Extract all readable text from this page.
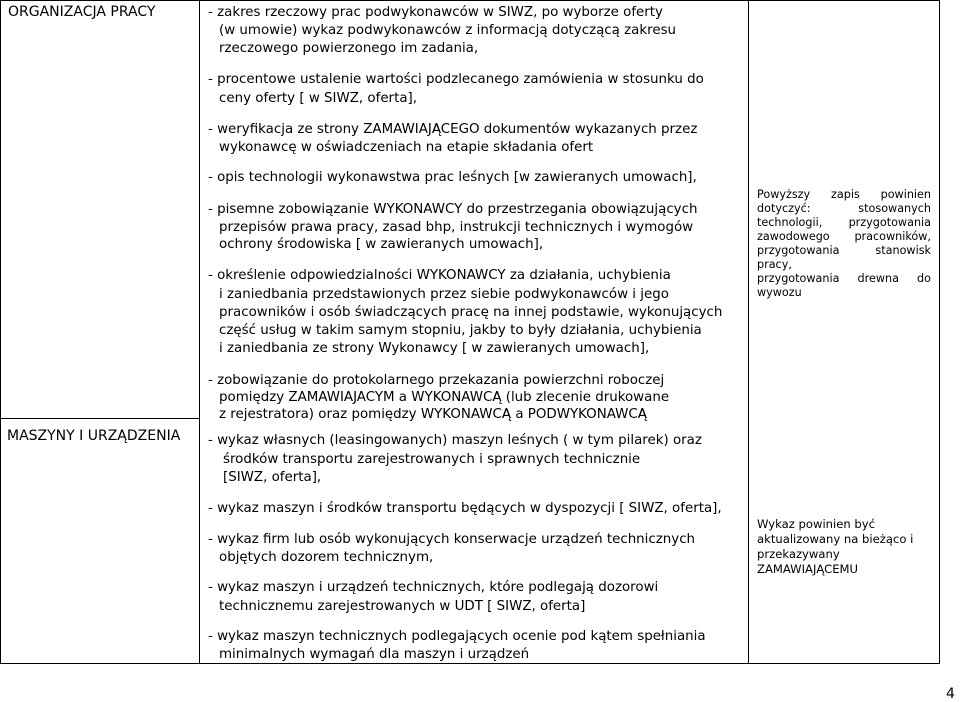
ORGANIZACJA PRACY
MASZYNY I URZĄDZENIA
- zakres rzeczowy prac podwykonawców w SIWZ, po wyborze oferty
(w umowie) wykaz podwykonawców z informacją dotyczącą zakresu
rzeczowego powierzonego im zadania,
- procentowe ustalenie wartości podzlecanego zamówienia w stosunku do
ceny oferty [ w SIWZ, oferta],
- weryfikacja ze strony ZAMAWIAJĄCEGO dokumentów wykazanych przez
wykonawcę w oświadczeniach na etapie składania ofert
- opis technologii wykonawstwa prac leśnych [w zawieranych umowach],
- pisemne zobowiązanie WYKONAWCY do przestrzegania obowiązujących
przepisów prawa pracy, zasad bhp, instrukcji technicznych i wymogów
ochrony środowiska [ w zawieranych umowach],
- określenie odpowiedzialności WYKONAWCY za działania, uchybienia
i zaniedbania przedstawionych przez siebie podwykonawców i jego
pracowników i osób świadczących pracę na innej podstawie, wykonujących
część usług w takim samym stopniu, jakby to były działania, uchybienia
i zaniedbania ze strony Wykonawcy [ w zawieranych umowach],
- zobowiązanie do protokolarnego przekazania powierzchni roboczej
pomiędzy ZAMAWIAJACYM a WYKONAWCĄ (lub zlecenie drukowane
z rejestratora) oraz pomiędzy WYKONAWCĄ a PODWYKONAWCĄ
- wykaz własnych (leasingowanych) maszyn leśnych ( w tym pilarek) oraz
środków transportu zarejestrowanych i sprawnych technicznie
[SIWZ, oferta],
- wykaz maszyn i środków transportu będących w dyspozycji [ SIWZ, oferta],
- wykaz firm lub osób wykonujących konserwacje urządzeń technicznych
objętych dozorem technicznym,
- wykaz maszyn i urządzeń technicznych, które podlegają dozorowi
technicznemu zarejestrowanych w UDT [ SIWZ, oferta]
- wykaz maszyn technicznych podlegających ocenie pod kątem spełniania
minimalnych wymagań dla maszyn i urządzeń
Powyższy zapis powinien
dotyczyć: stosowanych
technologii, przygotowania
zawodowego pracowników,
przygotowania stanowisk pracy,
przygotowania drewna do
wywozu
Wykaz powinien być
aktualizowany na bieżąco i
przekazywany ZAMAWIAJĄCEMU
4
